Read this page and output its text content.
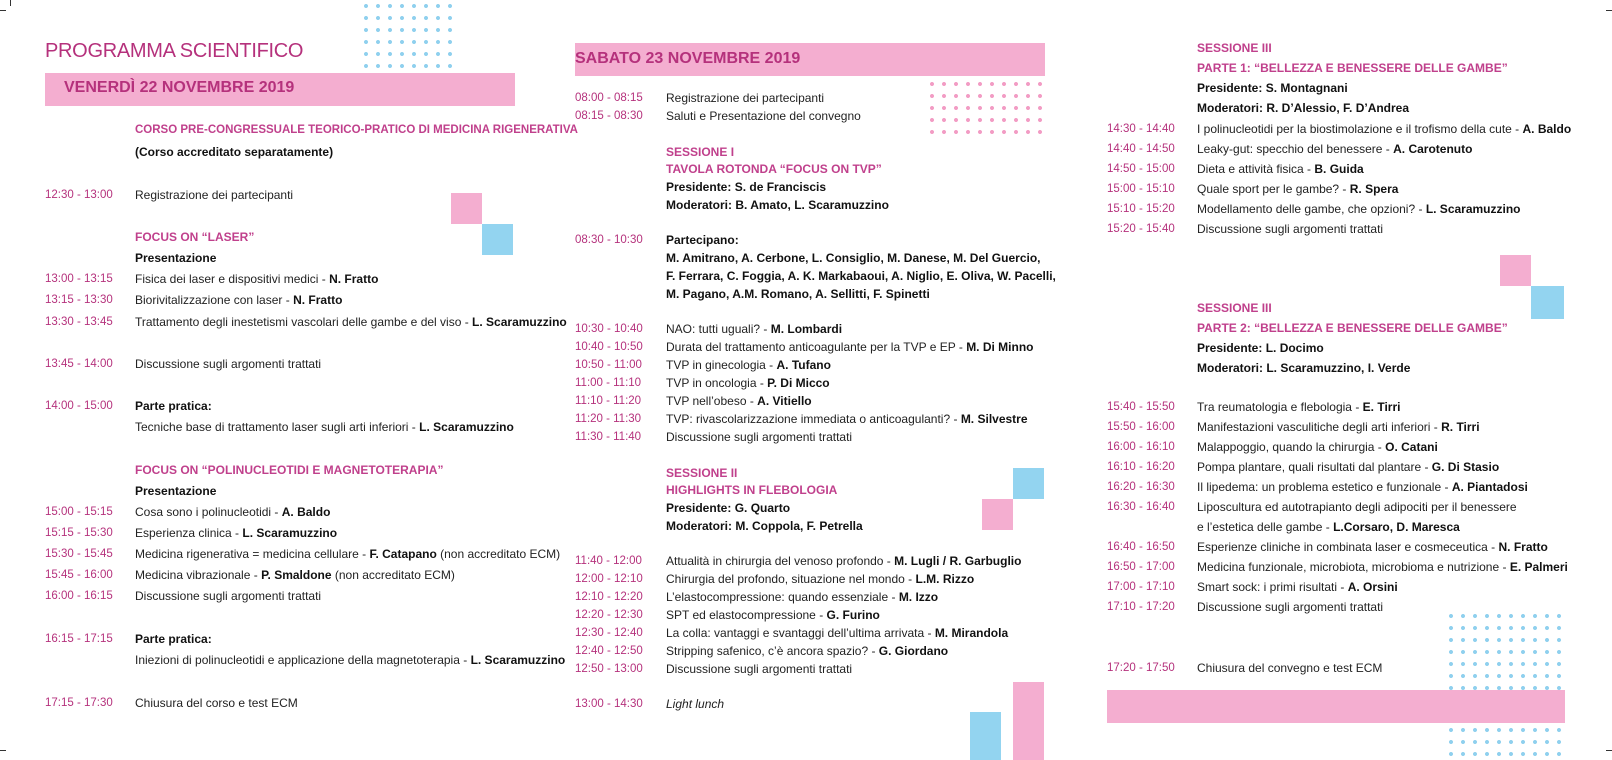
PROGRAMMA SCIENTIFICO
VENERDÌ 22 NOVEMBRE 2019
CORSO PRE-CONGRESSUALE TEORICO-PRATICO DI MEDICINA RIGENERATIVA
(Corso accreditato separatamente)
12:30 - 13:00 Registrazione dei partecipanti
FOCUS ON “LASER”
Presentazione
13:00 - 13:15 Fisica dei laser e dispositivi medici - N. Fratto
13:15 - 13:30 Biorivitalizzazione con laser - N. Fratto
13:30 - 13:45 Trattamento degli inestetismi vascolari delle gambe e del viso - L. Scaramuzzino
13:45 - 14:00 Discussione sugli argomenti trattati
14:00 - 15:00 Parte pratica:
Tecniche base di trattamento laser sugli arti inferiori - L. Scaramuzzino
FOCUS ON “POLINUCLEOTIDI E MAGNETOTERAPIA”
Presentazione
15:00 - 15:15 Cosa sono i polinucleotidi - A. Baldo
15:15 - 15:30 Esperienza clinica - L. Scaramuzzino
15:30 - 15:45 Medicina rigenerativa = medicina cellulare - F. Catapano (non accreditato ECM)
15:45 - 16:00 Medicina vibrazionale - P. Smaldone (non accreditato ECM)
16:00 - 16:15 Discussione sugli argomenti trattati
16:15 - 17:15 Parte pratica:
Iniezioni di polinucleotidi e applicazione della magnetoterapia - L. Scaramuzzino
17:15 - 17:30 Chiusura del corso e test ECM
SABATO 23 NOVEMBRE 2019
08:00 - 08:15 Registrazione dei partecipanti
08:15 - 08:30 Saluti e Presentazione del convegno
SESSIONE I
TAVOLA ROTONDA “FOCUS ON TVP”
Presidente: S. de Franciscis
Moderatori: B. Amato, L. Scaramuzzino
08:30 - 10:30 Partecipano:
M. Amitrano, A. Cerbone, L. Consiglio, M. Danese, M. Del Guercio,
F. Ferrara, C. Foggia, A. K. Markabaoui, A. Niglio, E. Oliva, W. Pacelli,
M. Pagano, A.M. Romano, A. Sellitti, F. Spinetti
10:30 - 10:40 NAO: tutti uguali? - M. Lombardi
10:40 - 10:50 Durata del trattamento anticoagulante per la TVP e EP - M. Di Minno
10:50 - 11:00 TVP in ginecologia - A. Tufano
11:00 - 11:10 TVP in oncologia - P. Di Micco
11:10 - 11:20 TVP nell’obeso - A. Vitiello
11:20 - 11:30 TVP: rivascolarizzazione immediata o anticoagulanti? - M. Silvestre
11:30 - 11:40 Discussione sugli argomenti trattati
SESSIONE II
HIGHLIGHTS IN FLEBOLOGIA
Presidente: G. Quarto
Moderatori: M. Coppola, F. Petrella
11:40 - 12:00 Attualità in chirurgia del venoso profondo - M. Lugli / R. Garbuglio
12:00 - 12:10 Chirurgia del profondo, situazione nel mondo - L.M. Rizzo
12:10 - 12:20 L’elastocompressione: quando essenziale - M. Izzo
12:20 - 12:30 SPT ed elastocompressione - G. Furino
12:30 - 12:40 La colla: vantaggi e svantaggi dell’ultima arrivata - M. Mirandola
12:40 - 12:50 Stripping safenico, c’è ancora spazio? - G. Giordano
12:50 - 13:00 Discussione sugli argomenti trattati
13:00 - 14:30 Light lunch
SESSIONE III
PARTE 1: “BELLEZZA E BENESSERE DELLE GAMBE”
Presidente: S. Montagnani
Moderatori: R. D’Alessio, F. D’Andrea
14:30 - 14:40 I polinucleotidi per la biostimolazione e il trofismo della cute - A. Baldo
14:40 - 14:50 Leaky-gut: specchio del benessere - A. Carotenuto
14:50 - 15:00 Dieta e attività fisica - B. Guida
15:00 - 15:10 Quale sport per le gambe? - R. Spera
15:10 - 15:20 Modellamento delle gambe, che opzioni? - L. Scaramuzzino
15:20 - 15:40 Discussione sugli argomenti trattati
SESSIONE III
PARTE 2: “BELLEZZA E BENESSERE DELLE GAMBE”
Presidente: L. Docimo
Moderatori: L. Scaramuzzino, I. Verde
15:40 - 15:50 Tra reumatologia e flebologia - E. Tirri
15:50 - 16:00 Manifestazioni vasculitiche degli arti inferiori - R. Tirri
16:00 - 16:10 Malappoggio, quando la chirurgia - O. Catani
16:10 - 16:20 Pompa plantare, quali risultati dal plantare - G. Di Stasio
16:20 - 16:30 Il lipedema: un problema estetico e funzionale - A. Piantadosi
16:30 - 16:40 Liposcultura ed autotrapianto degli adipociti per il benessere
e l’estetica delle gambe - L.Corsaro, D. Maresca
16:40 - 16:50 Esperienze cliniche in combinata laser e cosmeceutica - N. Fratto
16:50 - 17:00 Medicina funzionale, microbiota, microbioma e nutrizione - E. Palmeri
17:00 - 17:10 Smart sock: i primi risultati - A. Orsini
17:10 - 17:20 Discussione sugli argomenti trattati
17:20 - 17:50 Chiusura del convegno e test ECM
